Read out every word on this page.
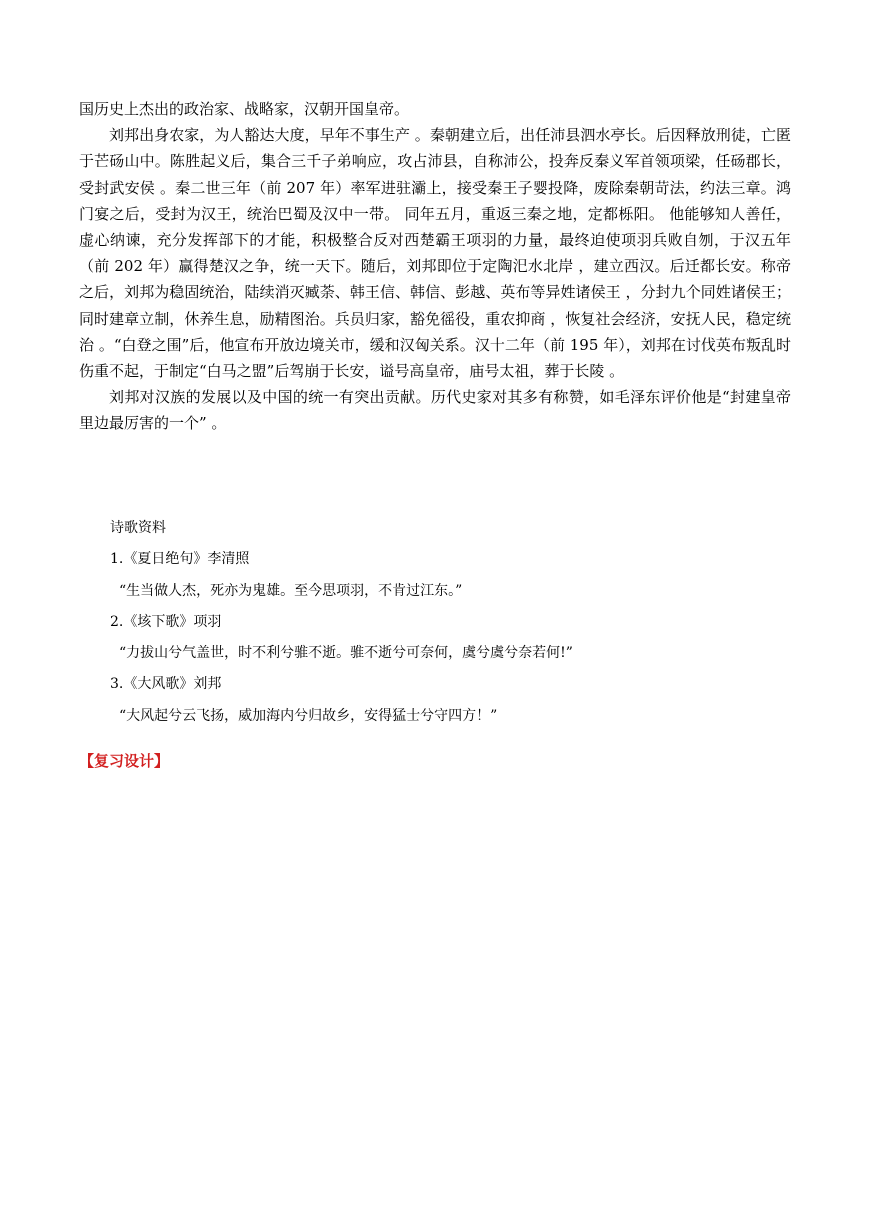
国历史上杰出的政治家、战略家，汉朝开国皇帝。

刘邦出身农家，为人豁达大度，早年不事生产 。秦朝建立后，出任沛县泗水亭长。后因释放刑徒，亡匿于芒砀山中。陈胜起义后，集合三千子弟响应，攻占沛县，自称沛公，投奔反秦义军首领项梁，任砀郡长，受封武安侯 。秦二世三年（前 207 年）率军进驻灞上，接受秦王子婴投降，废除秦朝苛法，约法三章。鸿门宴之后，受封为汉王，统治巴蜀及汉中一带。 同年五月，重返三秦之地，定都栎阳。 他能够知人善任，虚心纳谏，充分发挥部下的才能，积极整合反对西楚霸王项羽的力量，最终迫使项羽兵败自刎，于汉五年（前 202 年）赢得楚汉之争，统一天下。随后，刘邦即位于定陶汜水北岸 ，建立西汉。后迁都长安。称帝之后，刘邦为稳固统治，陆续消灭臧荼、韩王信、韩信、彭越、英布等异姓诸侯王 ，分封九个同姓诸侯王；同时建章立制，休养生息，励精图治。兵员归家，豁免徭役，重农抑商 ，恢复社会经济，安抚人民，稳定统治 。“白登之围”后，他宣布开放边境关市，缓和汉匈关系。汉十二年（前 195 年），刘邦在讨伐英布叛乱时伤重不起，于制定“白马之盟”后驾崩于长安，谥号高皇帝，庙号太祖，葬于长陵 。

刘邦对汉族的发展以及中国的统一有突出贡献。历代史家对其多有称赞，如毛泽东评价他是“封建皇帝里边最厉害的一个” 。

诗歌资料
1.《夏日绝句》李清照
“生当做人杰，死亦为鬼雄。至今思项羽，不肯过江东。”
2.《垓下歌》项羽
“力拔山兮气盖世，时不利兮骓不逝。骓不逝兮可奈何，虞兮虞兮奈若何!”
3.《大风歌》刘邦
“大风起兮云飞扬，威加海内兮归故乡，安得猛士兮守四方！”
【复习设计】
